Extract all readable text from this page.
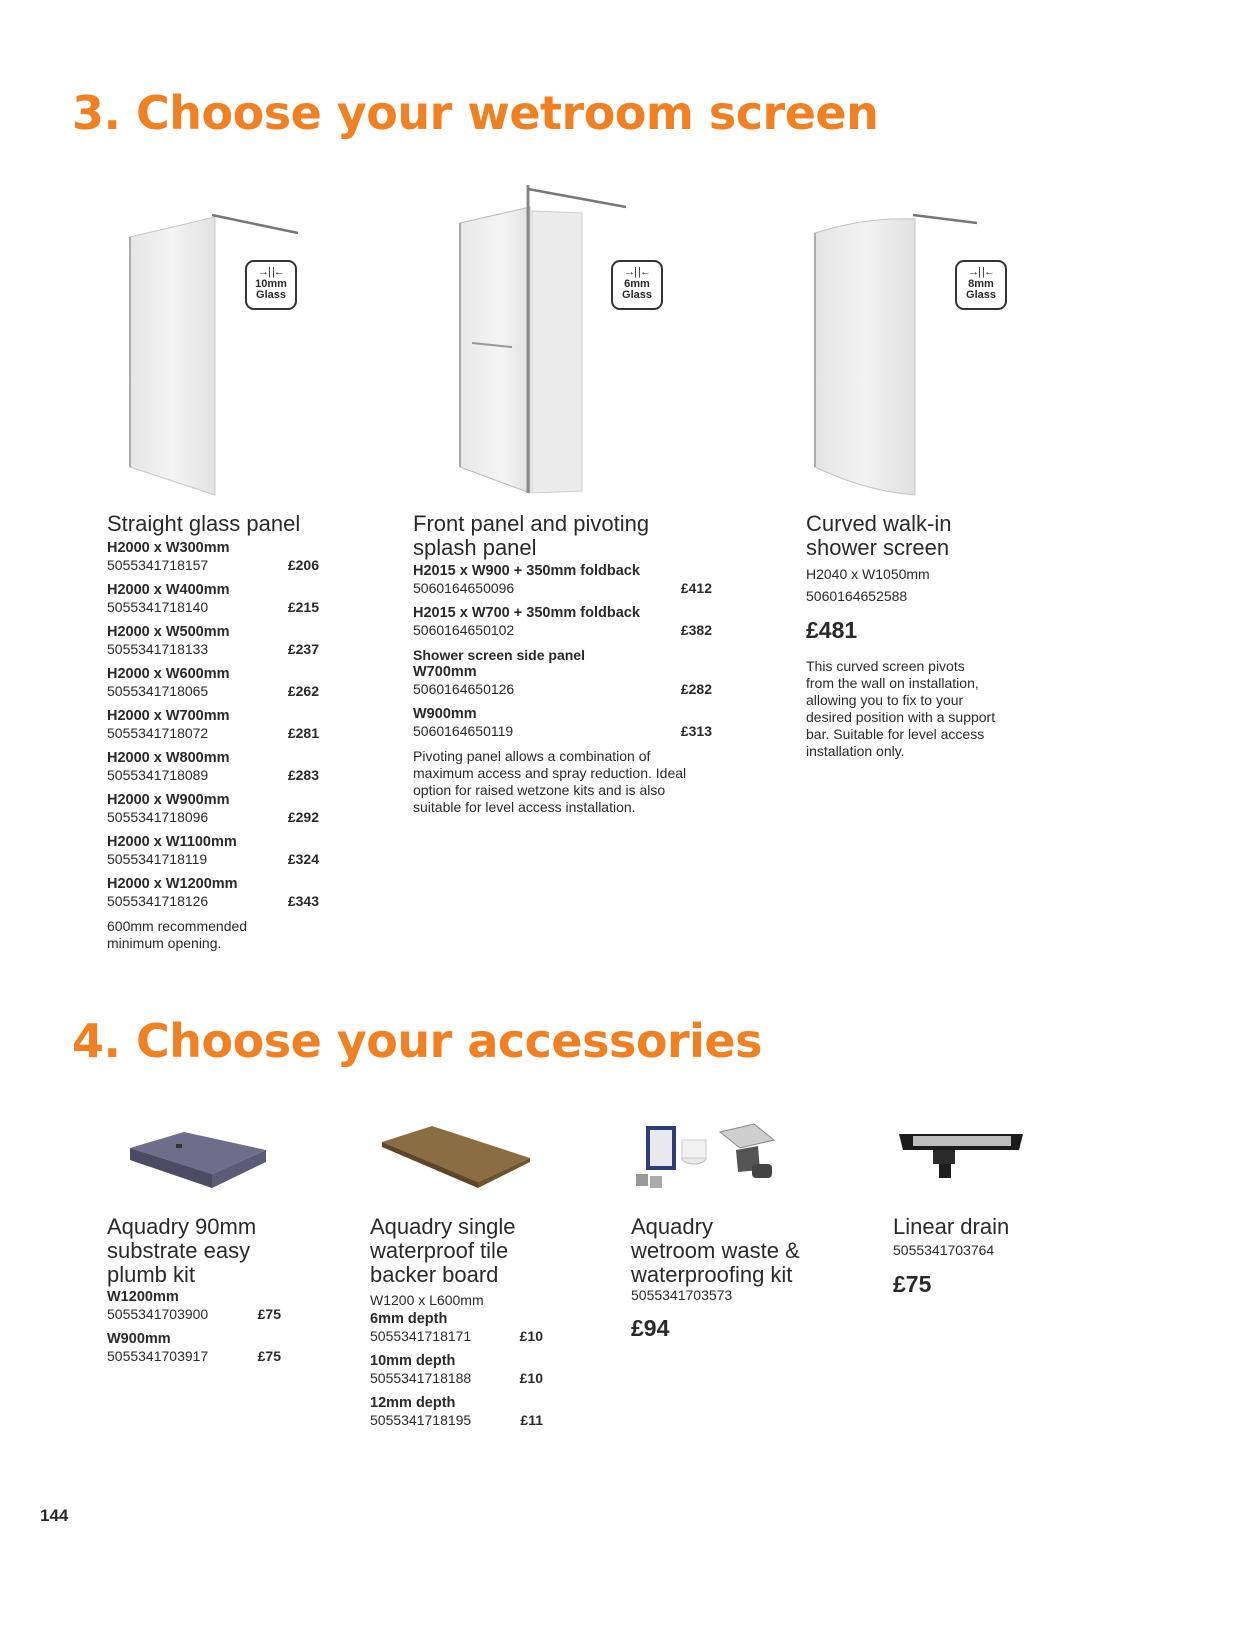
3. Choose your wetroom screen
→| |←
10mm
Glass
→| |←
6mm
Glass
→| |←
8mm
Glass
Straight glass panel
H2000 x W300mm
5055341718157	£206
H2000 x W400mm
5055341718140	£215
H2000 x W500mm
5055341718133	£237
H2000 x W600mm
5055341718065	£262
H2000 x W700mm
5055341718072	£281
H2000 x W800mm
5055341718089	£283
H2000 x W900mm
5055341718096	£292
H2000 x W1100mm
5055341718119	£324
H2000 x W1200mm
5055341718126	£343
600mm recommended
minimum opening.
Front panel and pivoting
splash panel
H2015 x W900 + 350mm foldback
5060164650096	£412
H2015 x W700 + 350mm foldback
5060164650102	£382
Shower screen side panel
W700mm
5060164650126	£282
W900mm
5060164650119	£313
Pivoting panel allows a combination of
maximum access and spray reduction. Ideal
option for raised wetzone kits and is also
suitable for level access installation.
Curved walk-in
shower screen
H2040 x W1050mm
5060164652588
£481
This curved screen pivots
from the wall on installation,
allowing you to fix to your
desired position with a support
bar. Suitable for level access
installation only.
4. Choose your accessories
Aquadry 90mm
substrate easy
plumb kit
W1200mm
5055341703900	£75
W900mm
5055341703917	£75
Aquadry single
waterproof tile
backer board
W1200 x L600mm
6mm depth
5055341718171	£10
10mm depth
5055341718188	£10
12mm depth
5055341718195	£11
Aquadry
wetroom waste &
waterproofing kit
5055341703573
£94
Linear drain
5055341703764
£75
144
